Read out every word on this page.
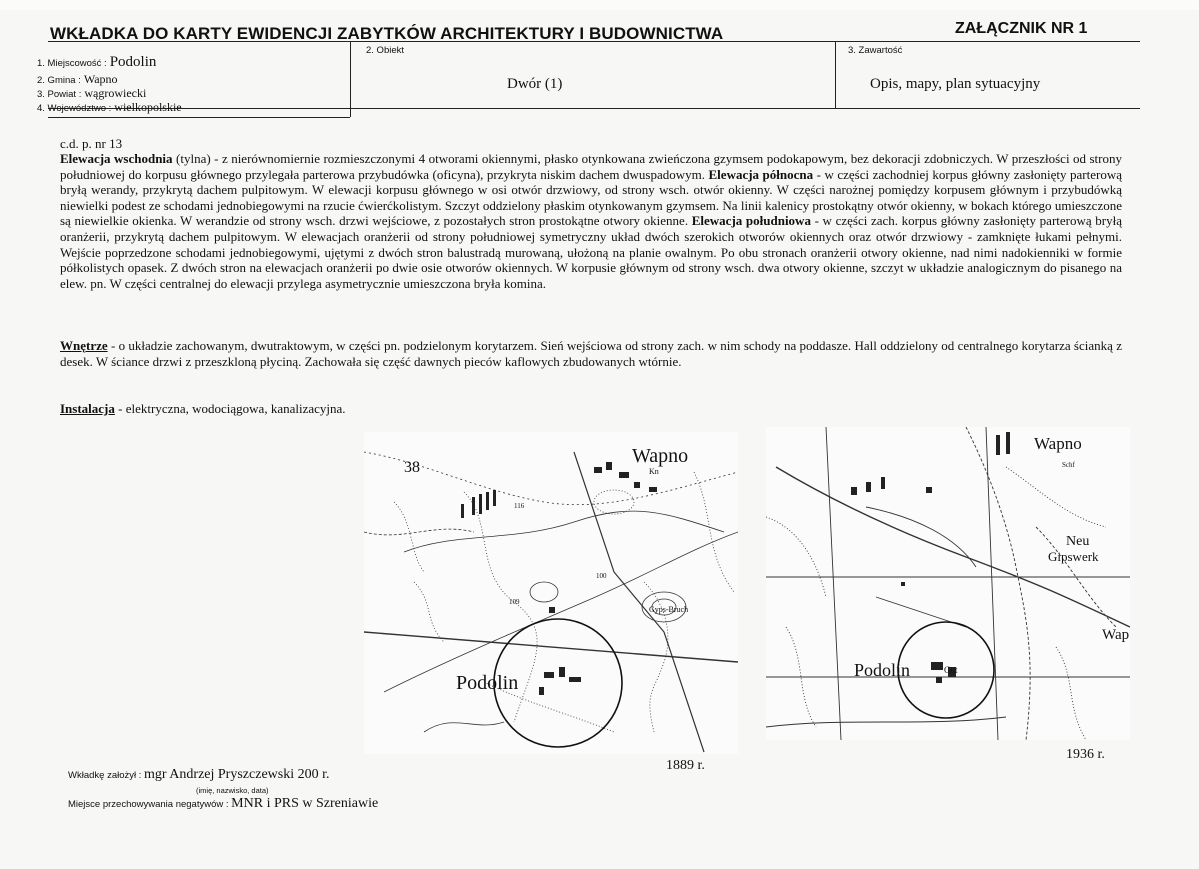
WKŁADKA DO KARTY EWIDENCJI ZABYTKÓW ARCHITEKTURY I BUDOWNICTWA	ZAŁĄCZNIK NR 1
1. Miejscowość : Podolin
2. Gmina : Wapno
3. Powiat : wągrowiecki
4. Województwo : wielkopolskie
2. Obiekt
Dwór (1)
3. Zawartość
Opis, mapy, plan sytuacyjny
c.d. p. nr 13
Elewacja wschodnia (tylna) - z nierównomiernie rozmieszczonymi 4 otworami okiennymi, płasko otynkowana zwieńczona gzymsem podokapowym, bez dekoracji zdobniczych. W przeszłości od strony południowej do korpusu głównego przylegała parterowa przybudówka (oficyna), przykryta niskim dachem dwuspadowym. Elewacja północna - w części zachodniej korpus główny zasłonięty parterową bryłą werandy, przykrytą dachem pulpitowym. W elewacji korpusu głównego w osi otwór drzwiowy, od strony wsch. otwór okienny. W części narożnej pomiędzy korpusem głównym i przybudówką niewielki podest ze schodami jednobiegowymi na rzucie ćwierćkolistym. Szczyt oddzielony płaskim otynkowanym gzymsem. Na linii kalenicy prostokątny otwór okienny, w bokach którego umieszczone są niewielkie okienka. W werandzie od strony wsch. drzwi wejściowe, z pozostałych stron prostokątne otwory okienne. Elewacja południowa - w części zach. korpus główny zasłonięty parterową bryłą oranżerii, przykrytą dachem pulpitowym. W elewacjach oranżerii od strony południowej symetryczny układ dwóch szerokich otworów okiennych oraz otwór drzwiowy - zamknięte łukami pełnymi. Wejście poprzedzone schodami jednobiegowymi, ujętymi z dwóch stron balustradą murowaną, ułożoną na planie owalnym. Po obu stronach oranżerii otwory okienne, nad nimi nadokienniki w formie półkolistych opasek. Z dwóch stron na elewacjach oranżerii po dwie osie otworów okiennych. W korpusie głównym od strony wsch. dwa otwory okienne, szczyt w układzie analogicznym do pisanego na elew. pn. W części centralnej do elewacji przylega asymetrycznie umieszczona bryła komina.
Wnętrze - o układzie zachowanym, dwutraktowym, w części pn. podzielonym korytarzem. Sień wejściowa od strony zach. w nim schody na poddasze. Hall oddzielony od centralnego korytarza ścianką z desek. W ściance drzwi z przeszkloną płyciną. Zachowała się część dawnych pieców kaflowych zbudowanych wtórnie.
Instalacja - elektryczna, wodociągowa, kanalizacyjna.
Wapno
Kn
Gyps-Bruch
Podolin
116
109
100
38
1889 r.
Wapno
Schf
Neu
Gipswerk
Wap
Podolin	Gut
1936 r.
Wkładkę założył : mgr Andrzej Pryszczewski 200 r.
(imię, nazwisko, data)
Miejsce przechowywania negatywów : MNR i PRS w Szreniawie
